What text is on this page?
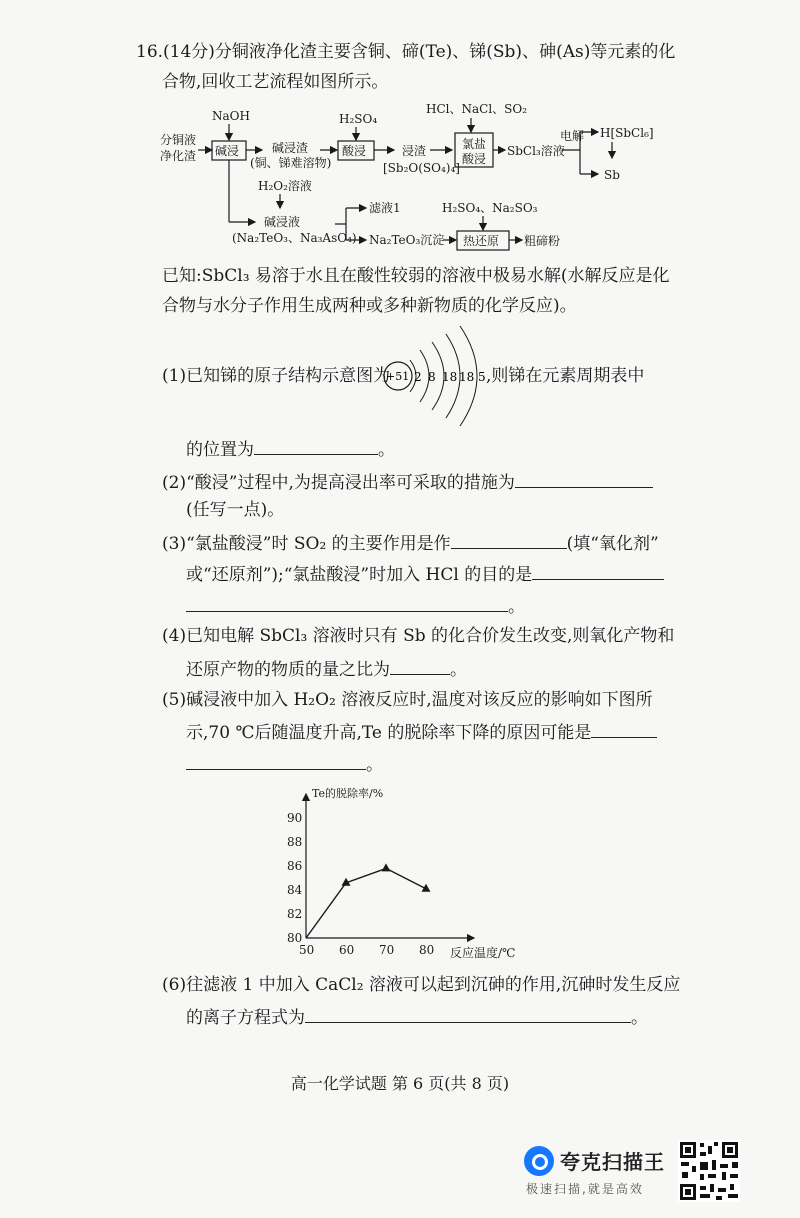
16.(14分)分铜液净化渣主要含铜、碲(Te)、锑(Sb)、砷(As)等元素的化
合物,回收工艺流程如图所示。
分铜液
净化渣
NaOH
碱浸	碱浸渣
(铜、锑难溶物)
H₂SO₄
酸浸	浸渣
[Sb₂O(SO₄)₄]
HCl、NaCl、SO₂
氯盐
酸浸
SbCl₃溶液
电解 H[SbCl₆]
Sb
H₂O₂溶液
碱浸液
(Na₂TeO₃、Na₃AsO₄)
滤液1
Na₂TeO₃沉淀
H₂SO₄、Na₂SO₃
热还原 粗碲粉
已知:SbCl₃ 易溶于水且在酸性较弱的溶液中极易水解(水解反应是化
合物与水分子作用生成两种或多种新物质的化学反应)。
(1)已知锑的原子结构示意图为
+51 2 8 18 18 5 ,则锑在元素周期表中
的位置为	。
(2)“酸浸”过程中,为提高浸出率可采取的措施为
(任写一点)。
(3)“氯盐酸浸”时 SO₂ 的主要作用是作	(填“氧化剂”
或“还原剂”);“氯盐酸浸”时加入 HCl 的目的是
。
(4)已知电解 SbCl₃ 溶液时只有 Sb 的化合价发生改变,则氧化产物和
还原产物的物质的量之比为	。
(5)碱浸液中加入 H₂O₂ 溶液反应时,温度对该反应的影响如下图所
示,70 ℃后随温度升高,Te 的脱除率下降的原因可能是
。
Te的脱除率/%
反应温度/℃
80
82
84
86
88
90
50 60 70 80
(6)往滤液 1 中加入 CaCl₂ 溶液可以起到沉砷的作用,沉砷时发生反应
的离子方程式为	。
高一化学试题 第 6 页(共 8 页)
夸克扫描王
极速扫描,就是高效
